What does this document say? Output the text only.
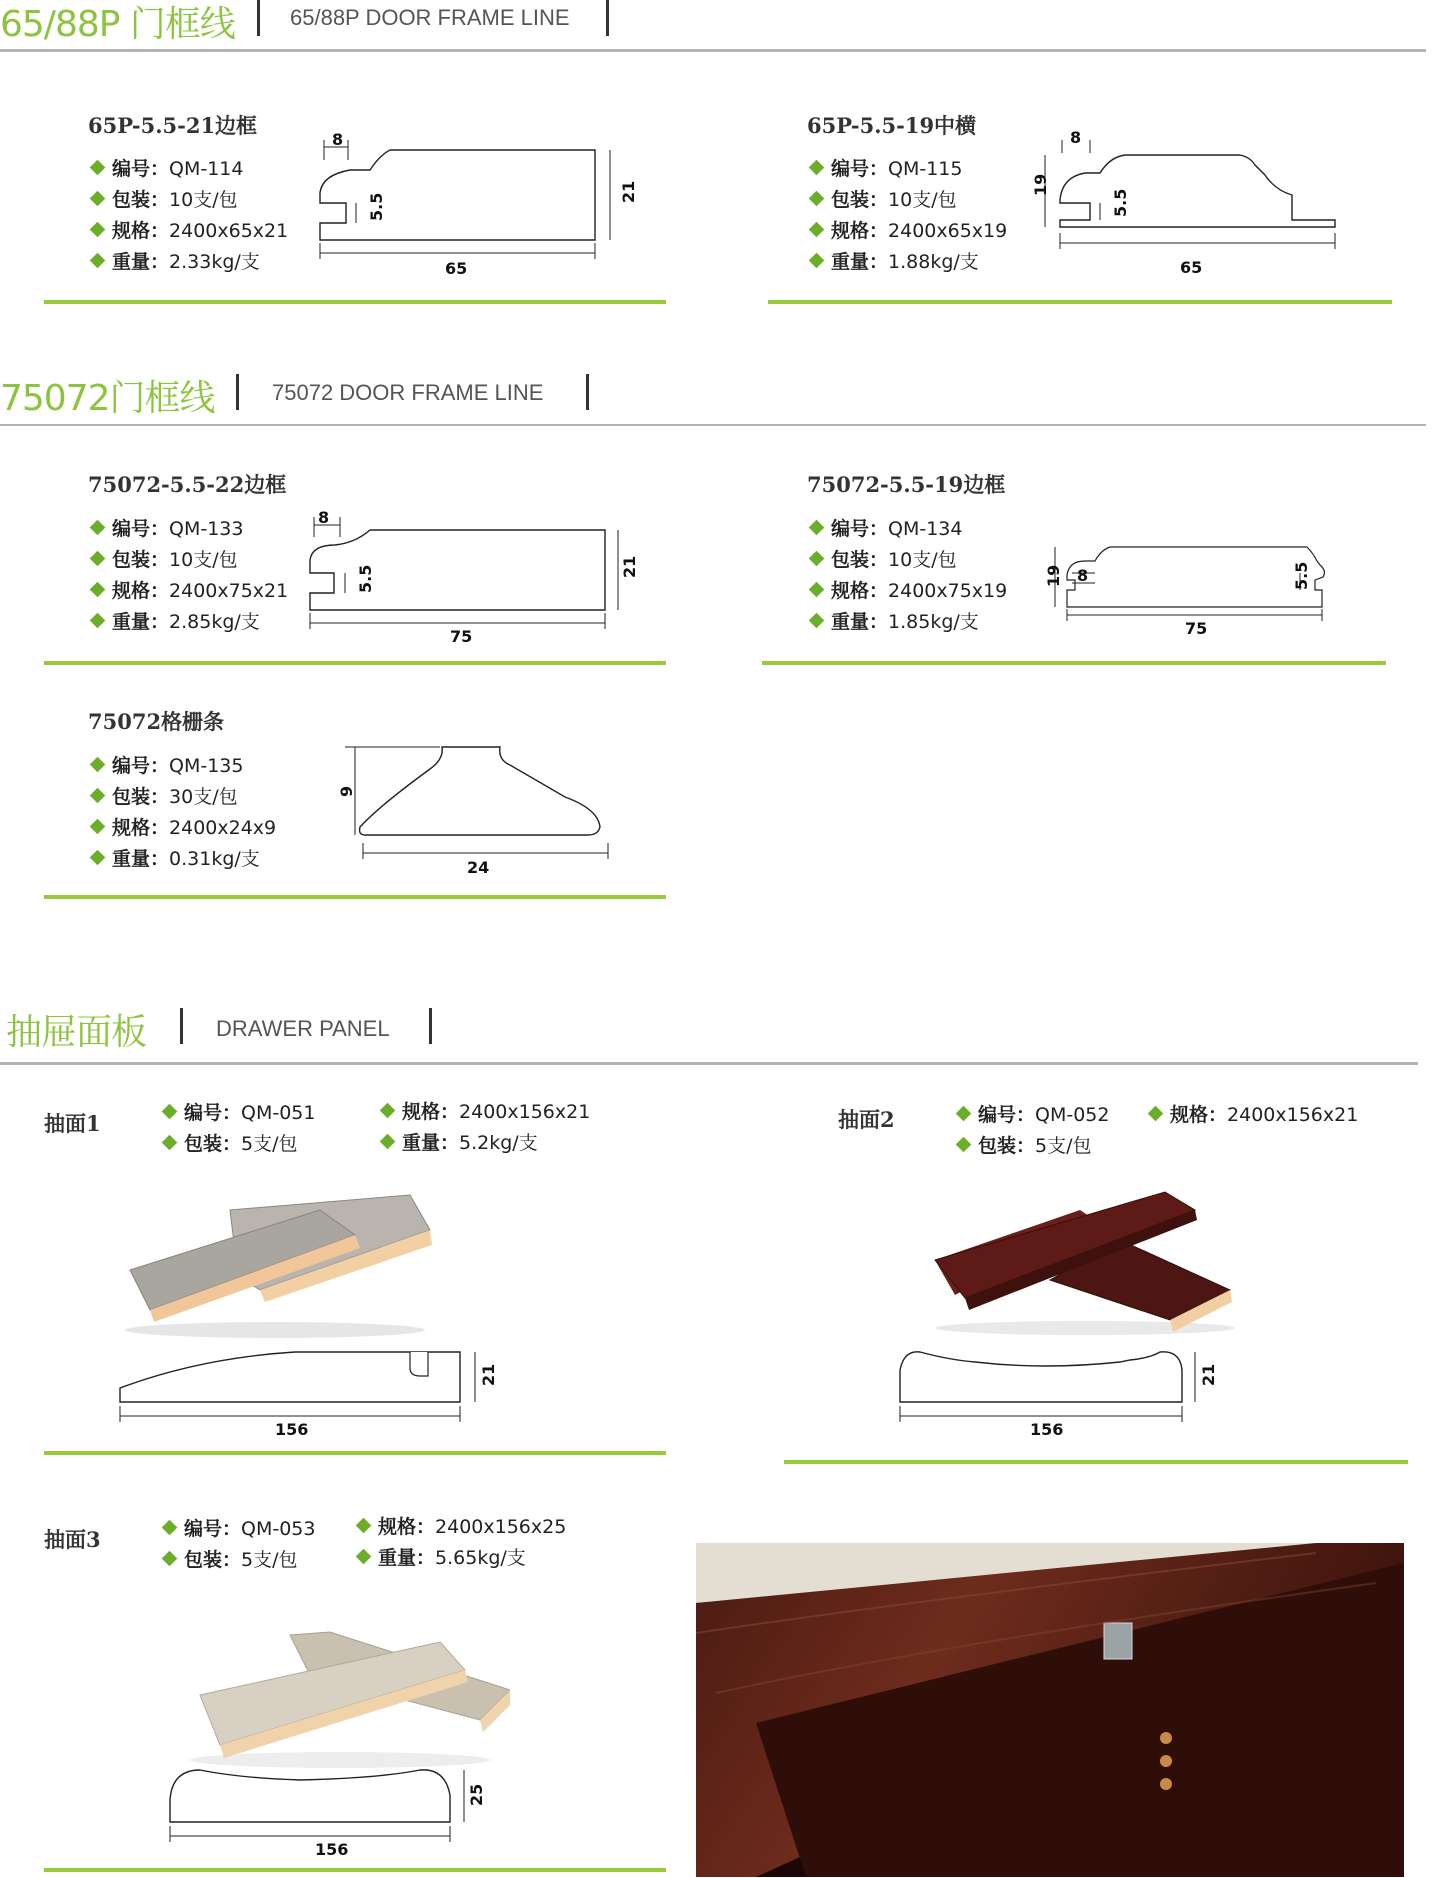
65/88P 门框线	65/88P DOOR FRAME LINE
65P-5.5-21边框
编号：QM-114
包装：10支/包
规格：2400x65x21
重量：2.33kg/支
8
5.5
21
65
65P-5.5-19中横
编号：QM-115
包装：10支/包
规格：2400x65x19
重量：1.88kg/支	65
19
5.5
8
75072门框线	75072 DOOR FRAME LINE
75072-5.5-22边框
编号：QM-133
包装：10支/包
规格：2400x75x21
重量：2.85kg/支
8
5.5	21
75
75072-5.5-19边框
编号：QM-134
包装：10支/包
规格：2400x75x19
重量：1.85kg/支
19 8	5.5
75
75072格栅条
编号：QM-135
包装：30支/包
规格：2400x24x9
重量：0.31kg/支
9
24
抽屉面板	DRAWER PANEL
抽面1	编号：QM-051
包装：5支/包
规格：2400x156x21
重量：5.2kg/支
21
156
抽面2	编号：QM-052
包装：5支/包
规格：2400x156x21
21
156
抽面3	编号：QM-053
包装：5支/包
规格：2400x156x25
重量：5.65kg/支
25
156
